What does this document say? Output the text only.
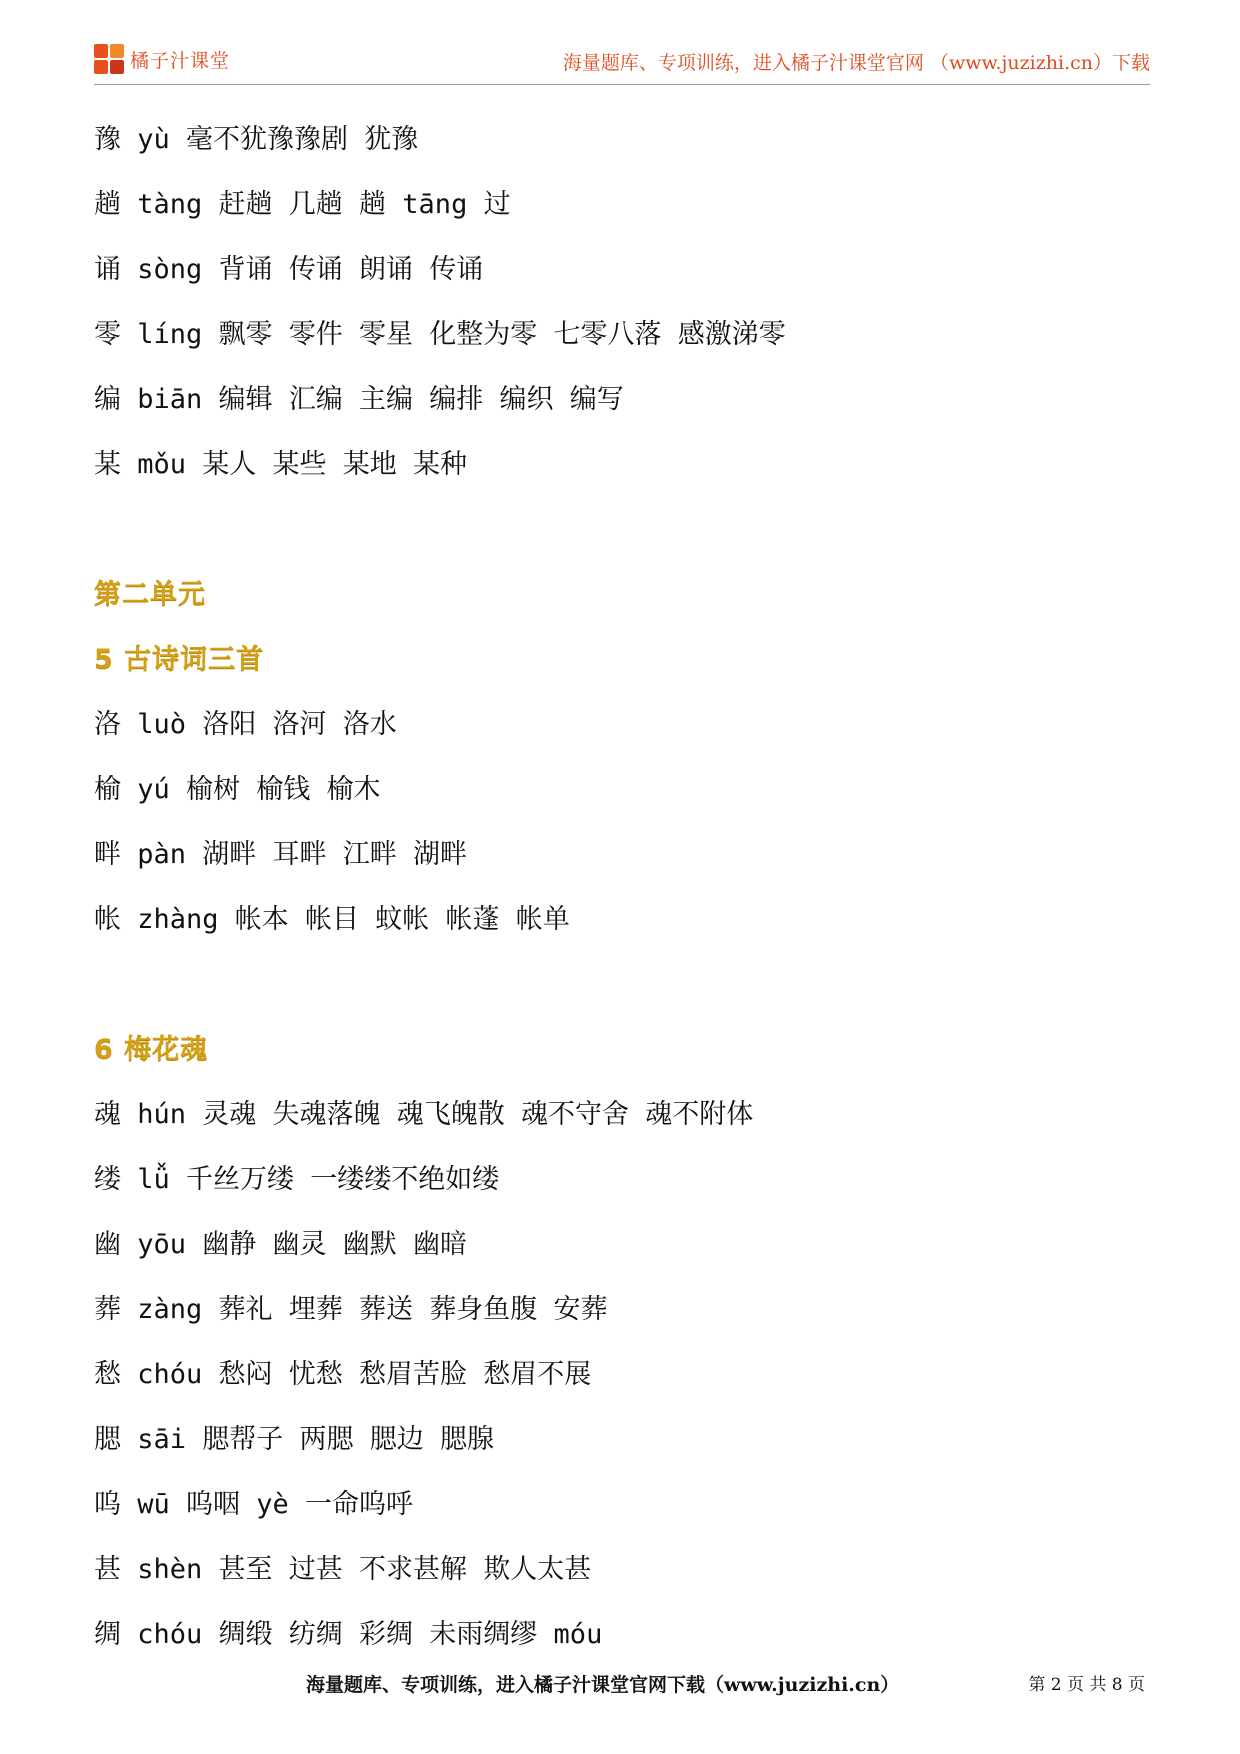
橘子汁课堂	海量题库、专项训练，进入橘子汁课堂官网 （www.juzizhi.cn）下载
豫 yù 毫不犹豫豫剧 犹豫
趟 tàng 赶趟 几趟 趟 tāng 过
诵 sòng 背诵 传诵 朗诵 传诵
零 líng 飘零 零件 零星 化整为零 七零八落 感激涕零
编 biān 编辑 汇编 主编 编排 编织 编写
某 mǒu 某人 某些 某地 某种
第二单元
5 古诗词三首
洛 luò 洛阳 洛河 洛水
榆 yú 榆树 榆钱 榆木
畔 pàn 湖畔 耳畔 江畔 湖畔
帐 zhàng 帐本 帐目 蚊帐 帐蓬 帐单
6 梅花魂
魂 hún 灵魂 失魂落魄 魂飞魄散 魂不守舍 魂不附体
缕 lǚ 千丝万缕 一缕缕不绝如缕
幽 yōu 幽静 幽灵 幽默 幽暗
葬 zàng 葬礼 埋葬 葬送 葬身鱼腹 安葬
愁 chóu 愁闷 忧愁 愁眉苦脸 愁眉不展
腮 sāi 腮帮子 两腮 腮边 腮腺
呜 wū 呜咽 yè 一命呜呼
甚 shèn 甚至 过甚 不求甚解 欺人太甚
绸 chóu 绸缎 纺绸 彩绸 未雨绸缪 móu
海量题库、专项训练，进入橘子汁课堂官网下载（www.juzizhi.cn）	第 2 页 共 8 页
